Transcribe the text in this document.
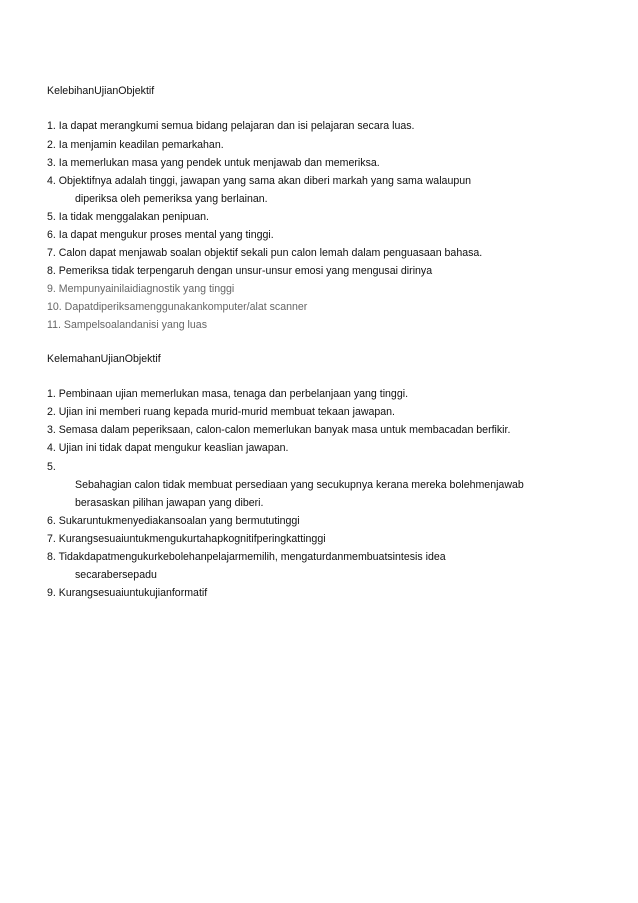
KelebihanUjianObjektif
1. Ia dapat merangkumi semua bidang pelajaran dan isi pelajaran secara luas.
2. Ia menjamin keadilan pemarkahan.
3. Ia memerlukan masa yang pendek untuk menjawab dan memeriksa.
4. Objektifnya adalah tinggi, jawapan yang sama akan diberi markah yang sama walaupun
diperiksa oleh pemeriksa yang berlainan.
5. Ia tidak menggalakan penipuan.
6. Ia dapat mengukur proses mental yang tinggi.
7. Calon dapat menjawab soalan objektif sekali pun calon lemah dalam penguasaan bahasa.
8. Pemeriksa tidak terpengaruh dengan unsur-unsur emosi yang mengusai dirinya
9. Mempunyainilaidiagnostik yang tinggi
10. Dapatdiperiksamenggunakankomputer/alat scanner
11. Sampelsoalandanisi yang luas
KelemahanUjianObjektif
1. Pembinaan ujian memerlukan masa, tenaga dan perbelanjaan yang tinggi.
2. Ujian ini memberi ruang kepada murid-murid membuat tekaan jawapan.
3. Semasa dalam peperiksaan, calon-calon memerlukan banyak masa untuk membacadan berfikir.
4. Ujian ini tidak dapat mengukur keaslian jawapan.
5.
Sebahagian calon tidak membuat persediaan yang secukupnya kerana mereka bolehmenjawab
berasaskan pilihan jawapan yang diberi.
6. Sukaruntukmenyediakansoalan yang bermututinggi
7. Kurangsesuaiuntukmengukurtahapkognitifperingkattinggi
8. Tidakdapatmengukurkebolehanpelajarmemilih, mengaturdanmembuatsintesis idea
secarabersepadu
9. Kurangsesuaiuntukujianformatif
